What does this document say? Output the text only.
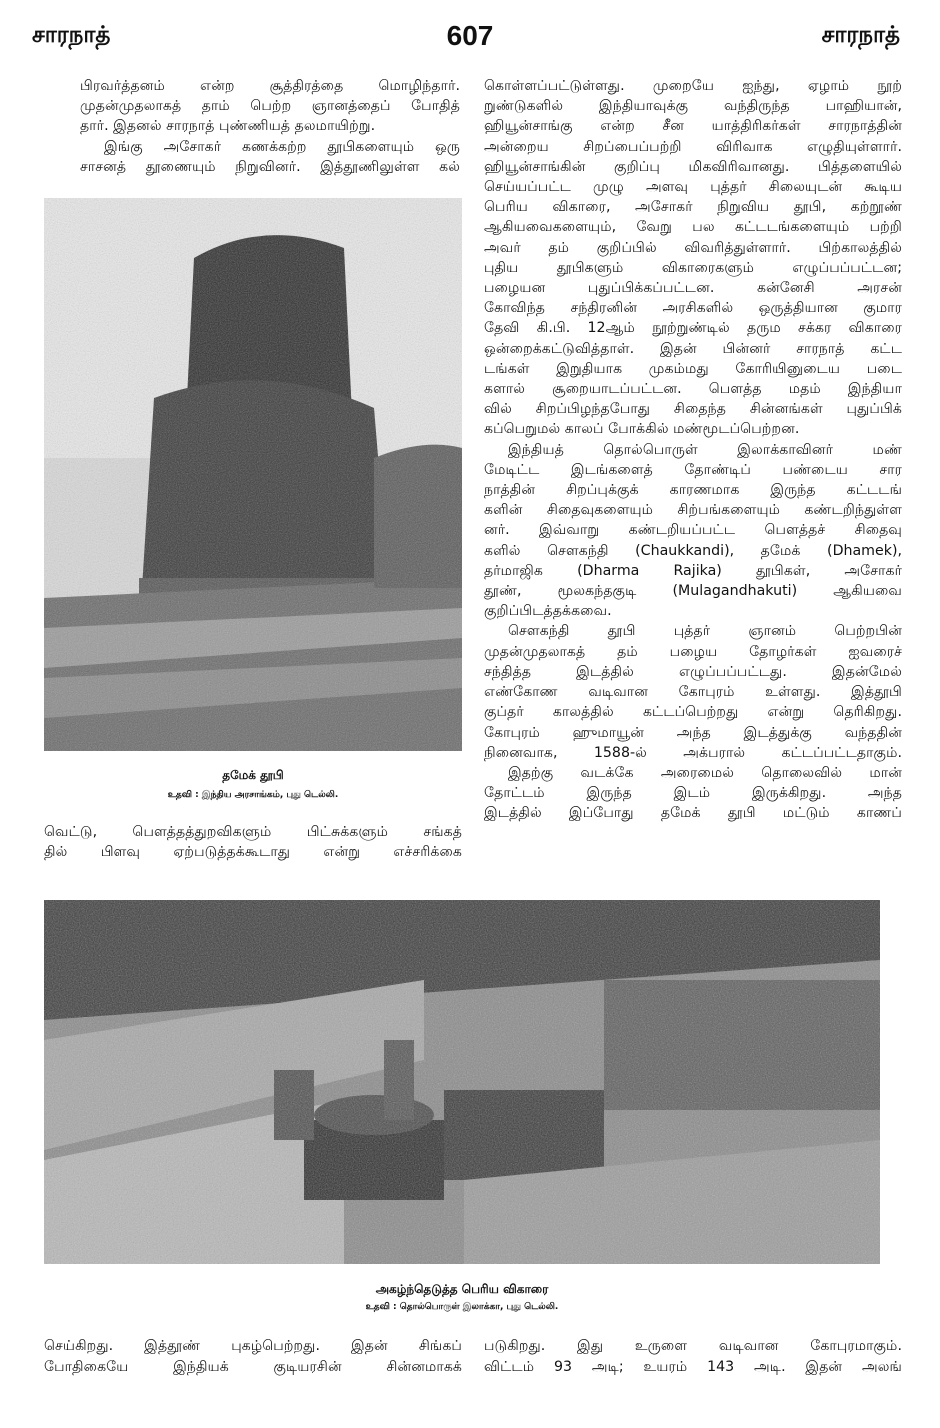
சாரநாத்	607	சாரநாத்

பிரவர்த்தனம் என்ற சூத்திரத்தை மொழிந்தார்.

முதன்முதலாகத் தாம் பெற்ற ஞானத்தைப் போதித்

தார். இதனல் சாரநாத் புண்ணியத் தலமாயிற்று.

இங்கு அசோகர் கணக்கற்ற தூபிகளையும் ஒரு

சாசனத் தூணையும் நிறுவினர். இத்தூணிலுள்ள கல்

தமேக் தூபி
உதவி : இந்திய அரசாங்கம், புது டெல்லி.

வெட்டு, பௌத்தத்துறவிகளும் பிட்சுக்களும் சங்கத்

தில் பிளவு ஏற்படுத்தக்கூடாது என்று எச்சரிக்கை

கொள்ளப்பட்டுள்ளது. முறையே ஐந்து, ஏழாம் நூற்

றுண்டுகளில் இந்தியாவுக்கு வந்திருந்த பாஹியான்,

ஹியூன்சாங்கு என்ற சீன யாத்திரிகர்கள் சாரநாத்தின்

அன்றைய சிறப்பைப்பற்றி விரிவாக எழுதியுள்ளார்.

ஹியூன்சாங்கின் குறிப்பு மிகவிரிவானது. பித்தளையில்

செய்யப்பட்ட முழு அளவு புத்தர் சிலையுடன் கூடிய

பெரிய விகாரை, அசோகர் நிறுவிய தூபி, கற்றூண்

ஆகியவைகளையும், வேறு பல கட்டடங்களையும் பற்றி

அவர் தம் குறிப்பில் விவரித்துள்ளார். பிற்காலத்தில்

புதிய தூபிகளும் விகாரைகளும் எழுப்பப்பட்டன;

பழையன புதுப்பிக்கப்பட்டன. கன்னேசி அரசன்

கோவிந்த சந்திரனின் அரசிகளில் ஒருத்தியான குமார

தேவி கி.பி. 12ஆம் நூற்றுண்டில் தரும சக்கர விகாரை

ஒன்றைக்கட்டுவித்தாள். இதன் பின்னர் சாரநாத் கட்ட

டங்கள் இறுதியாக முகம்மது கோரியினுடைய படை

களால் சூறையாடப்பட்டன. பௌத்த மதம் இந்தியா

வில் சிறப்பிழந்தபோது சிதைந்த சின்னங்கள் புதுப்பிக்

கப்பெறுமல் காலப் போக்கில் மண்மூடப்பெற்றன.

இந்தியத் தொல்பொருள் இலாக்காவினர் மண்

மேடிட்ட இடங்களைத் தோண்டிப் பண்டைய சார

நாத்தின் சிறப்புக்குக் காரணமாக இருந்த கட்டடங்

களின் சிதைவுகளையும் சிற்பங்களையும் கண்டறிந்துள்ள

னர். இவ்வாறு கண்டறியப்பட்ட பௌத்தச் சிதைவு

களில் சௌகந்தி (Chaukkandi), தமேக் (Dhamek),

தர்மாஜிக (Dharma Rajika) தூபிகள், அசோகர்

தூண், மூலகந்தகுடி (Mulagandhakuti) ஆகியவை

குறிப்பிடத்தக்கவை.

சௌகந்தி தூபி புத்தர் ஞானம் பெற்றபின்

முதன்முதலாகத் தம் பழைய தோழர்கள் ஐவரைச்

சந்தித்த இடத்தில் எழுப்பப்பட்டது. இதன்மேல்

எண்கோண வடிவான கோபுரம் உள்ளது. இத்தூபி

குப்தர் காலத்தில் கட்டப்பெற்றது என்று தெரிகிறது.

கோபுரம் ஹுமாயூன் அந்த இடத்துக்கு வந்ததின்

நினைவாக, 1588-ல் அக்பரால் கட்டப்பட்டதாகும்.

இதற்கு வடக்கே அரைமைல் தொலைவில் மான்

தோட்டம் இருந்த இடம் இருக்கிறது. அந்த

இடத்தில் இப்போது தமேக் தூபி மட்டும் காணப்

அகழ்ந்தெடுத்த பெரிய விகாரை
உதவி : தொல்பொருள் இலாக்கா, புது டெல்லி.

செய்கிறது. இத்தூண் புகழ்பெற்றது. இதன் சிங்கப்

போதிகையே இந்தியக் குடியரசின் சின்னமாகக்

படுகிறது. இது உருளை வடிவான கோபுரமாகும்.

விட்டம் 93 அடி; உயரம் 143 அடி. இதன் அலங்
